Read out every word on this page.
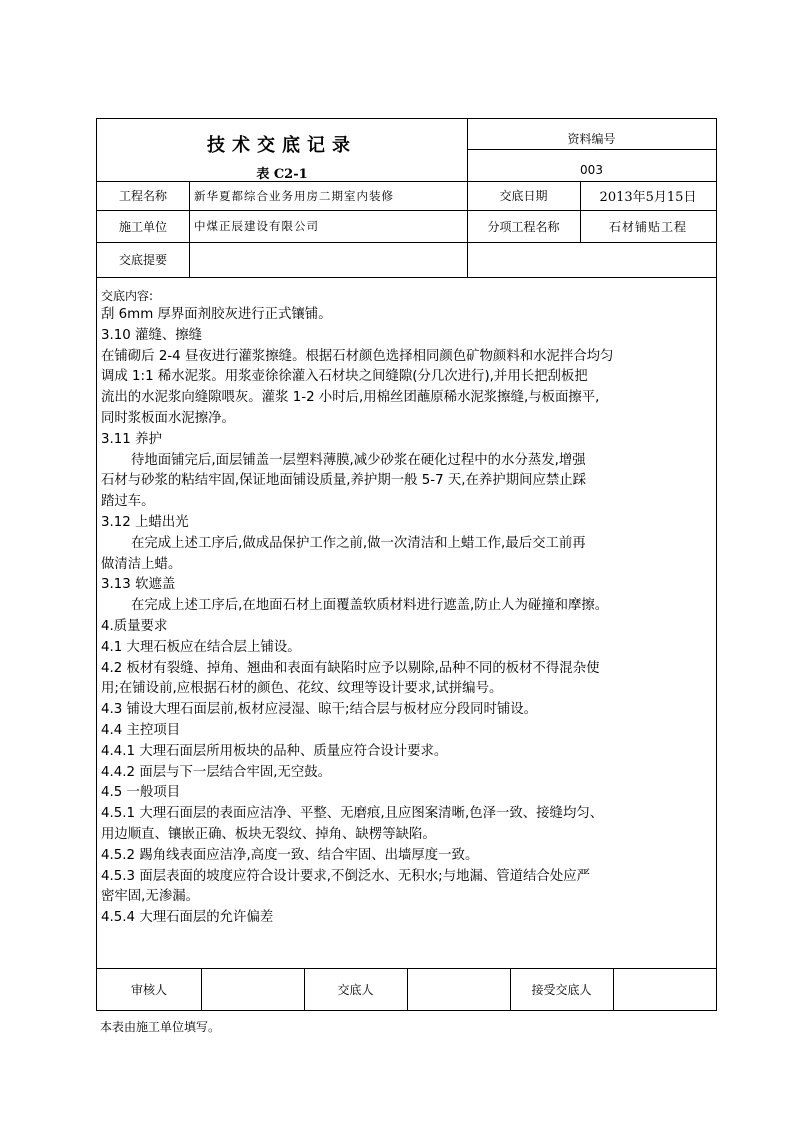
技术交底记录
表 C2-1
资料编号
003
工程名称	新华夏都综合业务用房二期室内装修	交底日期	2013年5月15日
施工单位	中煤正辰建设有限公司	分项工程名称	石材铺贴工程
交底提要
交底内容:
刮 6mm 厚界面剂胶灰进行正式镶铺。
3.10 灌缝、擦缝
在铺砌后 2-4 昼夜进行灌浆擦缝。根据石材颜色选择相同颜色矿物颜料和水泥拌合均匀
调成 1:1 稀水泥浆。用浆壶徐徐灌入石材块之间缝隙(分几次进行),并用长把刮板把
流出的水泥浆向缝隙喂灰。灌浆 1-2 小时后,用棉丝团蘸原稀水泥浆擦缝,与板面擦平,
同时浆板面水泥擦净。
3.11 养护
待地面铺完后,面层铺盖一层塑料薄膜,减少砂浆在硬化过程中的水分蒸发,增强
石材与砂浆的粘结牢固,保证地面铺设质量,养护期一般 5-7 天,在养护期间应禁止踩
踏过车。
3.12 上蜡出光
在完成上述工序后,做成品保护工作之前,做一次清洁和上蜡工作,最后交工前再
做清洁上蜡。
3.13 软遮盖
在完成上述工序后,在地面石材上面覆盖软质材料进行遮盖,防止人为碰撞和摩擦。
4.质量要求
4.1 大理石板应在结合层上铺设。
4.2 板材有裂缝、掉角、翘曲和表面有缺陷时应予以剔除,品种不同的板材不得混杂使
用;在铺设前,应根据石材的颜色、花纹、纹理等设计要求,试拼编号。
4.3 铺设大理石面层前,板材应浸湿、晾干;结合层与板材应分段同时铺设。
4.4 主控项目
4.4.1 大理石面层所用板块的品种、质量应符合设计要求。
4.4.2 面层与下一层结合牢固,无空鼓。
4.5 一般项目
4.5.1 大理石面层的表面应洁净、平整、无磨痕,且应图案清晰,色泽一致、接缝均匀、
用边顺直、镶嵌正确、板块无裂纹、掉角、缺楞等缺陷。
4.5.2 踢角线表面应洁净,高度一致、结合牢固、出墙厚度一致。
4.5.3 面层表面的坡度应符合设计要求,不倒泛水、无积水;与地漏、管道结合处应严
密牢固,无渗漏。
4.5.4 大理石面层的允许偏差
审核人	交底人	接受交底人
本表由施工单位填写。
